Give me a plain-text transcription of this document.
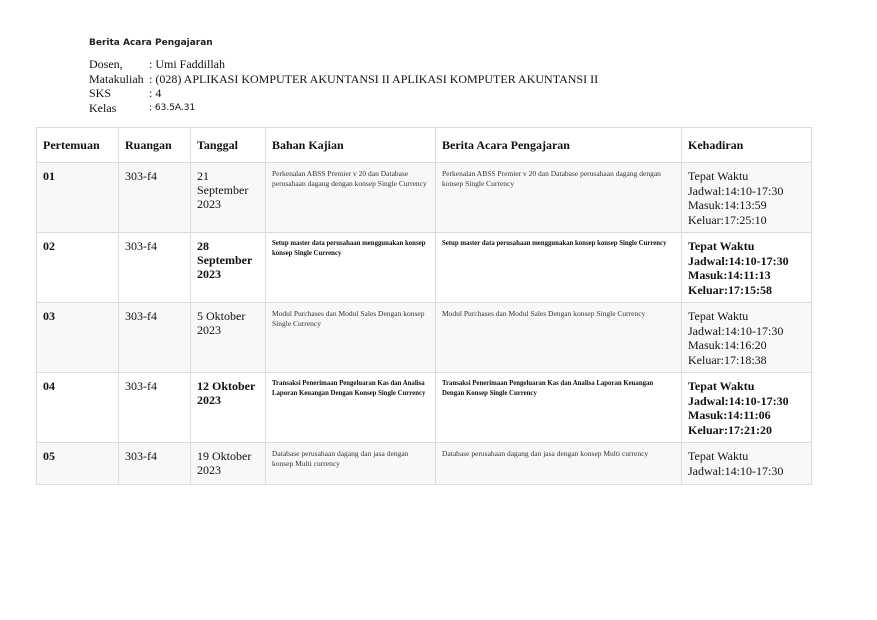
Berita Acara Pengajaran
Dosen,	: Umi Faddillah
Matakuliah : (028) APLIKASI KOMPUTER AKUNTANSI II APLIKASI KOMPUTER AKUNTANSI II
SKS	: 4
Kelas	: 63.5A.31
Pertemuan	Ruangan	Tanggal	Bahan Kajian	Berita Acara Pengajaran	Kehadiran
01	303-f4	21 September 2023	Perkenalan ABSS Premier v 20 dan Database perusahaan dagang dengan konsep Single Currency	Perkenalan ABSS Premier v 20 dan Database perusahaan dagang dengan konsep Single Currency	Tepat Waktu
Jadwal:14:10-17:30
Masuk:14:13:59
Keluar:17:25:10

02	303-f4	28 September 2023	Setup master data perusahaan menggunakan konsep konsep Single Currency	Setup master data perusahaan menggunakan konsep konsep Single Currency	Tepat Waktu
Jadwal:14:10-17:30
Masuk:14:11:13
Keluar:17:15:58

03	303-f4	5 Oktober 2023	Modul Purchases dan Modul Sales Dengan konsep Single Currency	Modul Purchases dan Modul Sales Dengan konsep Single Currency	Tepat Waktu
Jadwal:14:10-17:30
Masuk:14:16:20
Keluar:17:18:38

04	303-f4	12 Oktober 2023	Transaksi Penerimaan Pengeluaran Kas dan Analisa Laporan Keuangan Dengan Konsep Single Currency	Transaksi Penerimaan Pengeluaran Kas dan Analisa Laporan Keuangan Dengan Konsep Single Currency	Tepat Waktu
Jadwal:14:10-17:30
Masuk:14:11:06
Keluar:17:21:20

05	303-f4	19 Oktober 2023	Database perusahaan dagang dan jasa dengan konsep Multi currency	Database perusahaan dagang dan jasa dengan konsep Multi currency	Tepat Waktu
Jadwal:14:10-17:30
